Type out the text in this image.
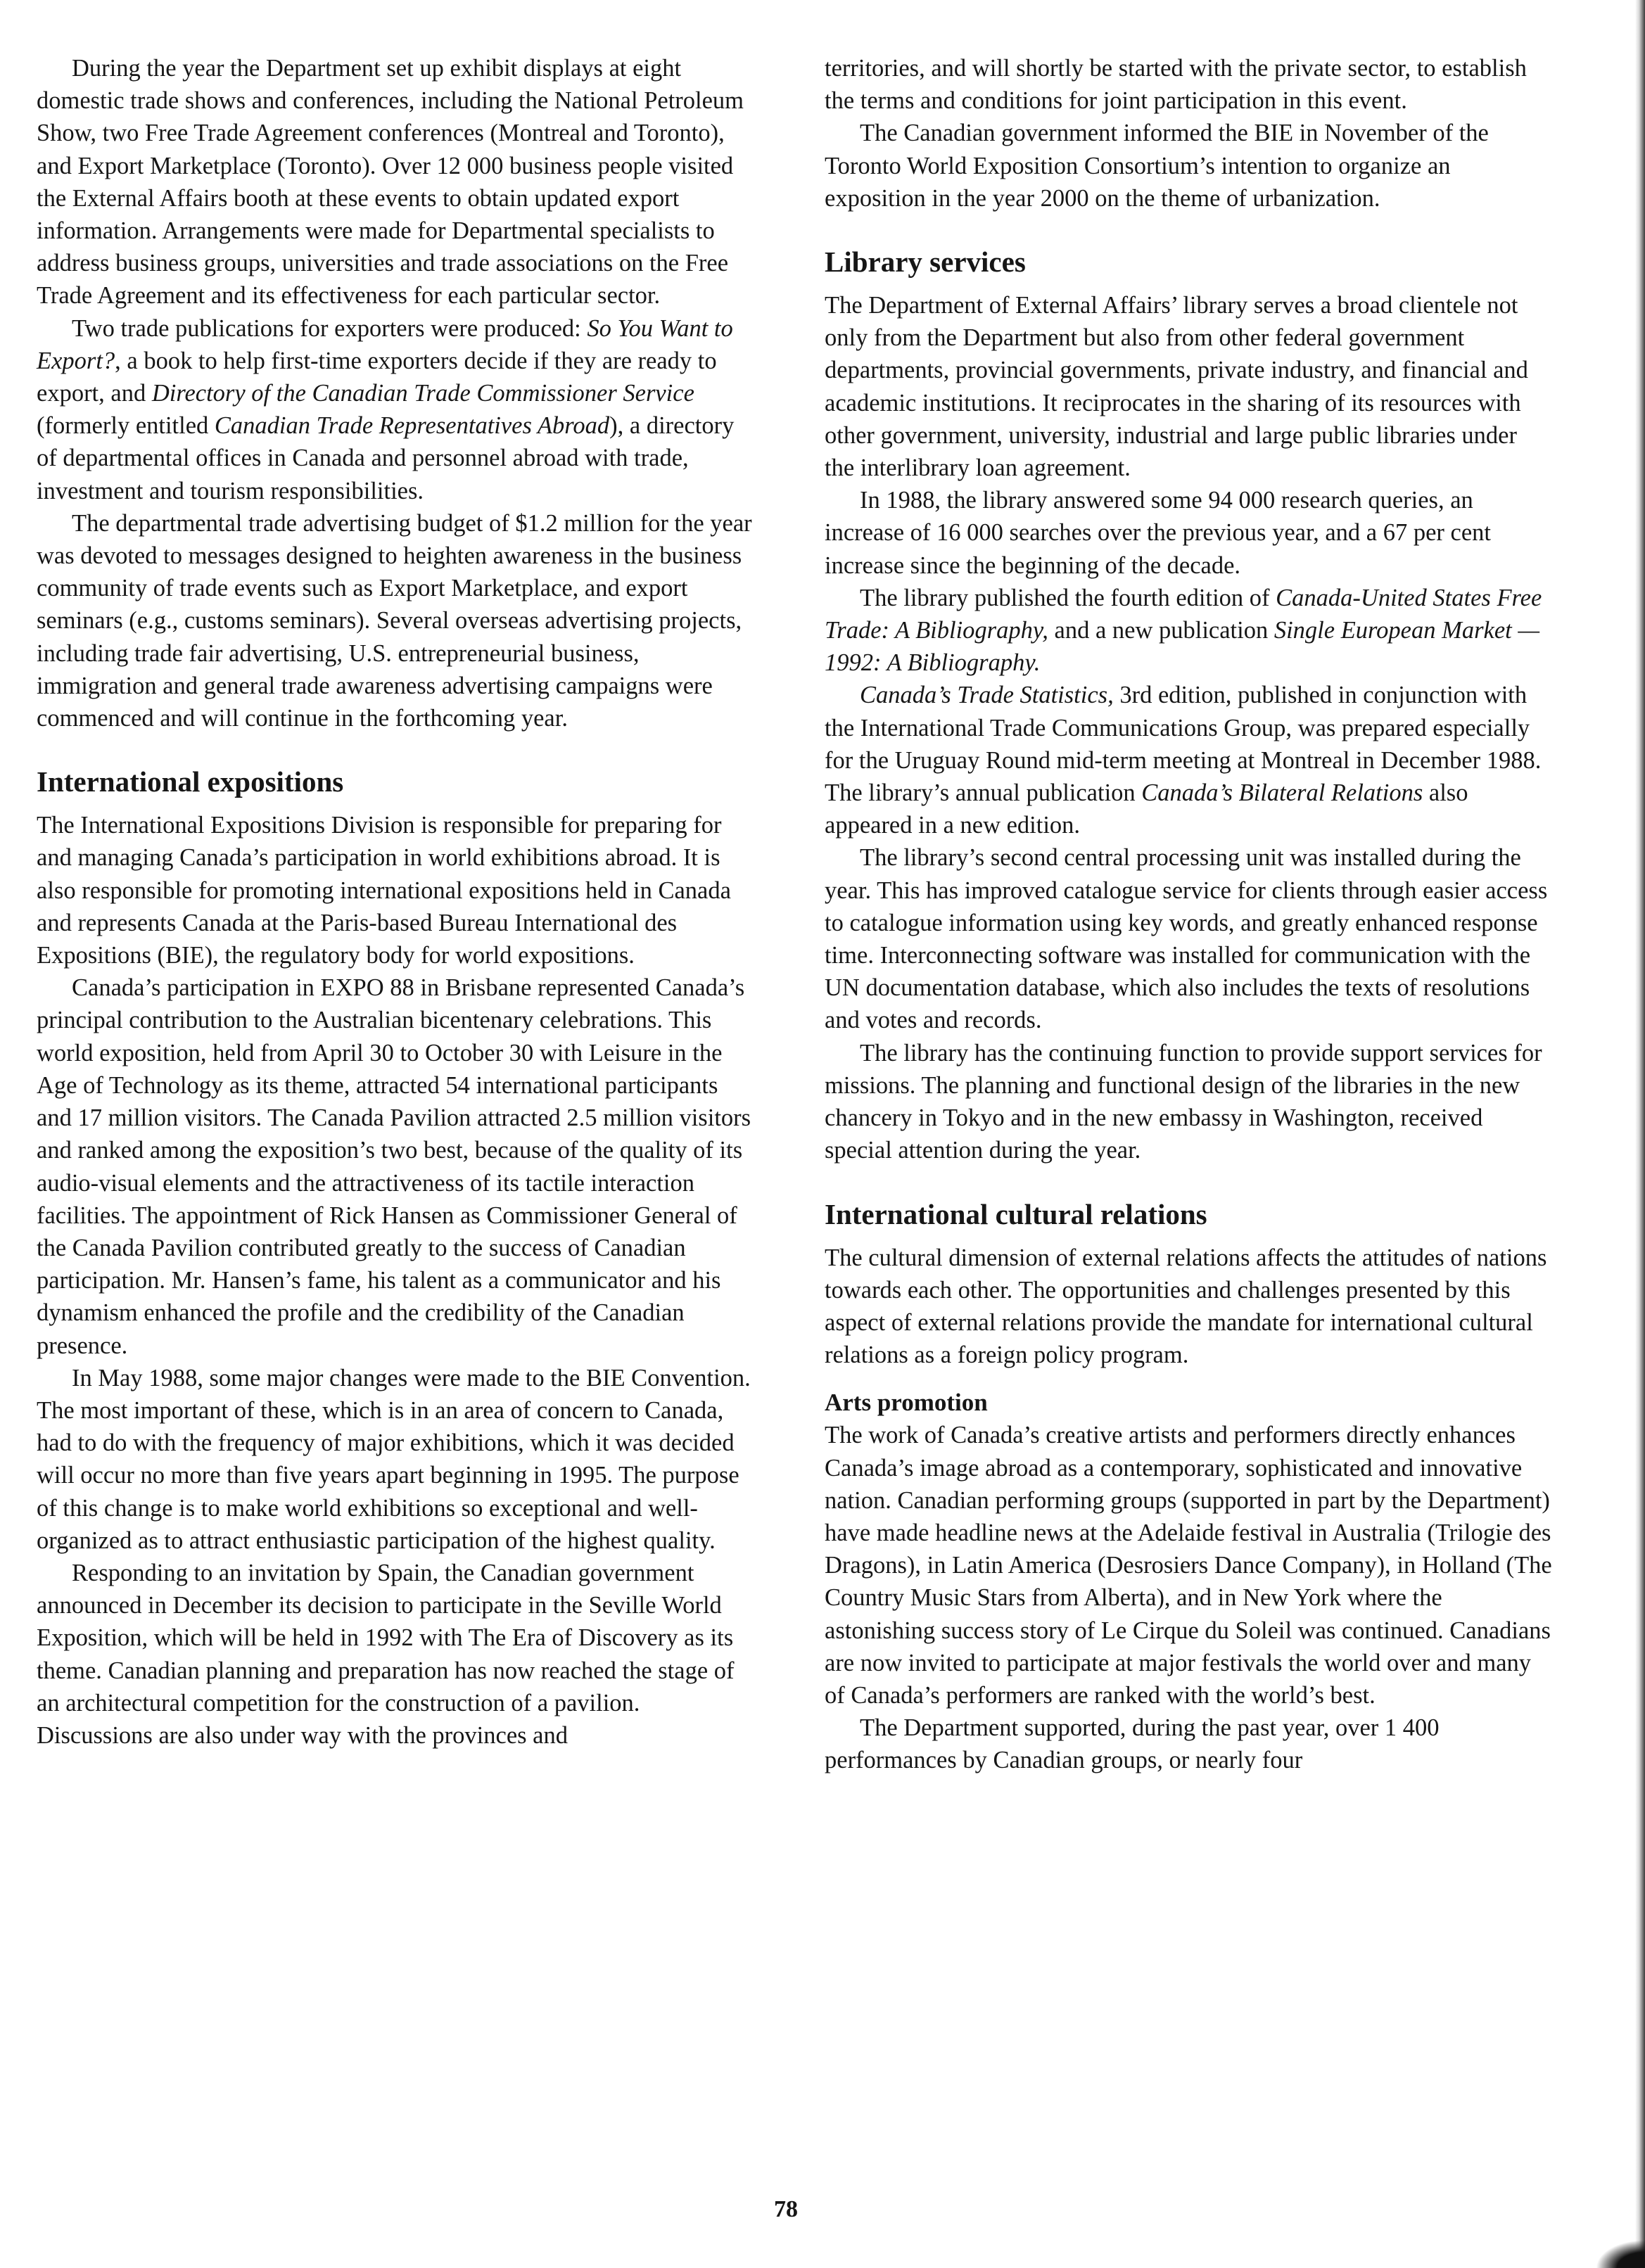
During the year the Department set up exhibit displays at eight domestic trade shows and conferences, including the National Petroleum Show, two Free Trade Agreement conferences (Montreal and Toronto), and Export Marketplace (Toronto). Over 12 000 business people visited the External Affairs booth at these events to obtain updated export information. Arrangements were made for Departmental specialists to address business groups, universities and trade associations on the Free Trade Agreement and its effectiveness for each particular sector.

Two trade publications for exporters were produced: So You Want to Export?, a book to help first-time exporters decide if they are ready to export, and Directory of the Canadian Trade Commissioner Service (formerly entitled Canadian Trade Representatives Abroad), a directory of departmental offices in Canada and personnel abroad with trade, investment and tourism responsibilities.

The departmental trade advertising budget of $1.2 million for the year was devoted to messages designed to heighten awareness in the business community of trade events such as Export Marketplace, and export seminars (e.g., customs seminars). Several overseas advertising projects, including trade fair advertising, U.S. entrepreneurial business, immigration and general trade awareness advertising campaigns were commenced and will continue in the forthcoming year.

International expositions

The International Expositions Division is responsible for preparing for and managing Canada’s participation in world exhibitions abroad. It is also responsible for promoting international expositions held in Canada and represents Canada at the Paris-based Bureau International des Expositions (BIE), the regulatory body for world expositions.

Canada’s participation in EXPO 88 in Brisbane represented Canada’s principal contribution to the Australian bicentenary celebrations. This world exposition, held from April 30 to October 30 with Leisure in the Age of Technology as its theme, attracted 54 international participants and 17 million visitors. The Canada Pavilion attracted 2.5 million visitors and ranked among the exposition’s two best, because of the quality of its audio-visual elements and the attractiveness of its tactile interaction facilities. The appointment of Rick Hansen as Commissioner General of the Canada Pavilion contributed greatly to the success of Canadian participation. Mr. Hansen’s fame, his talent as a communicator and his dynamism enhanced the profile and the credibility of the Canadian presence.

In May 1988, some major changes were made to the BIE Convention. The most important of these, which is in an area of concern to Canada, had to do with the frequency of major exhibitions, which it was decided will occur no more than five years apart beginning in 1995. The purpose of this change is to make world exhibitions so exceptional and well-organized as to attract enthusiastic participation of the highest quality.

Responding to an invitation by Spain, the Canadian government announced in December its decision to participate in the Seville World Exposition, which will be held in 1992 with The Era of Discovery as its theme. Canadian planning and preparation has now reached the stage of an architectural competition for the construction of a pavilion. Discussions are also under way with the provinces and

territories, and will shortly be started with the private sector, to establish the terms and conditions for joint participation in this event.

The Canadian government informed the BIE in November of the Toronto World Exposition Consortium’s intention to organize an exposition in the year 2000 on the theme of urbanization.

Library services

The Department of External Affairs’ library serves a broad clientele not only from the Department but also from other federal government departments, provincial governments, private industry, and financial and academic institutions. It reciprocates in the sharing of its resources with other government, university, industrial and large public libraries under the interlibrary loan agreement.

In 1988, the library answered some 94 000 research queries, an increase of 16 000 searches over the previous year, and a 67 per cent increase since the beginning of the decade.

The library published the fourth edition of Canada-United States Free Trade: A Bibliography, and a new publication Single European Market — 1992: A Bibliography.

Canada’s Trade Statistics, 3rd edition, published in conjunction with the International Trade Communications Group, was prepared especially for the Uruguay Round mid-term meeting at Montreal in December 1988. The library’s annual publication Canada’s Bilateral Relations also appeared in a new edition.

The library’s second central processing unit was installed during the year. This has improved catalogue service for clients through easier access to catalogue information using key words, and greatly enhanced response time. Interconnecting software was installed for communication with the UN documentation database, which also includes the texts of resolutions and votes and records.

The library has the continuing function to provide support services for missions. The planning and functional design of the libraries in the new chancery in Tokyo and in the new embassy in Washington, received special attention during the year.

International cultural relations

The cultural dimension of external relations affects the attitudes of nations towards each other. The opportunities and challenges presented by this aspect of external relations provide the mandate for international cultural relations as a foreign policy program.

Arts promotion

The work of Canada’s creative artists and performers directly enhances Canada’s image abroad as a contemporary, sophisticated and innovative nation. Canadian performing groups (supported in part by the Department) have made headline news at the Adelaide festival in Australia (Trilogie des Dragons), in Latin America (Desrosiers Dance Company), in Holland (The Country Music Stars from Alberta), and in New York where the astonishing success story of Le Cirque du Soleil was continued. Canadians are now invited to participate at major festivals the world over and many of Canada’s performers are ranked with the world’s best.

The Department supported, during the past year, over 1 400 performances by Canadian groups, or nearly four

78
